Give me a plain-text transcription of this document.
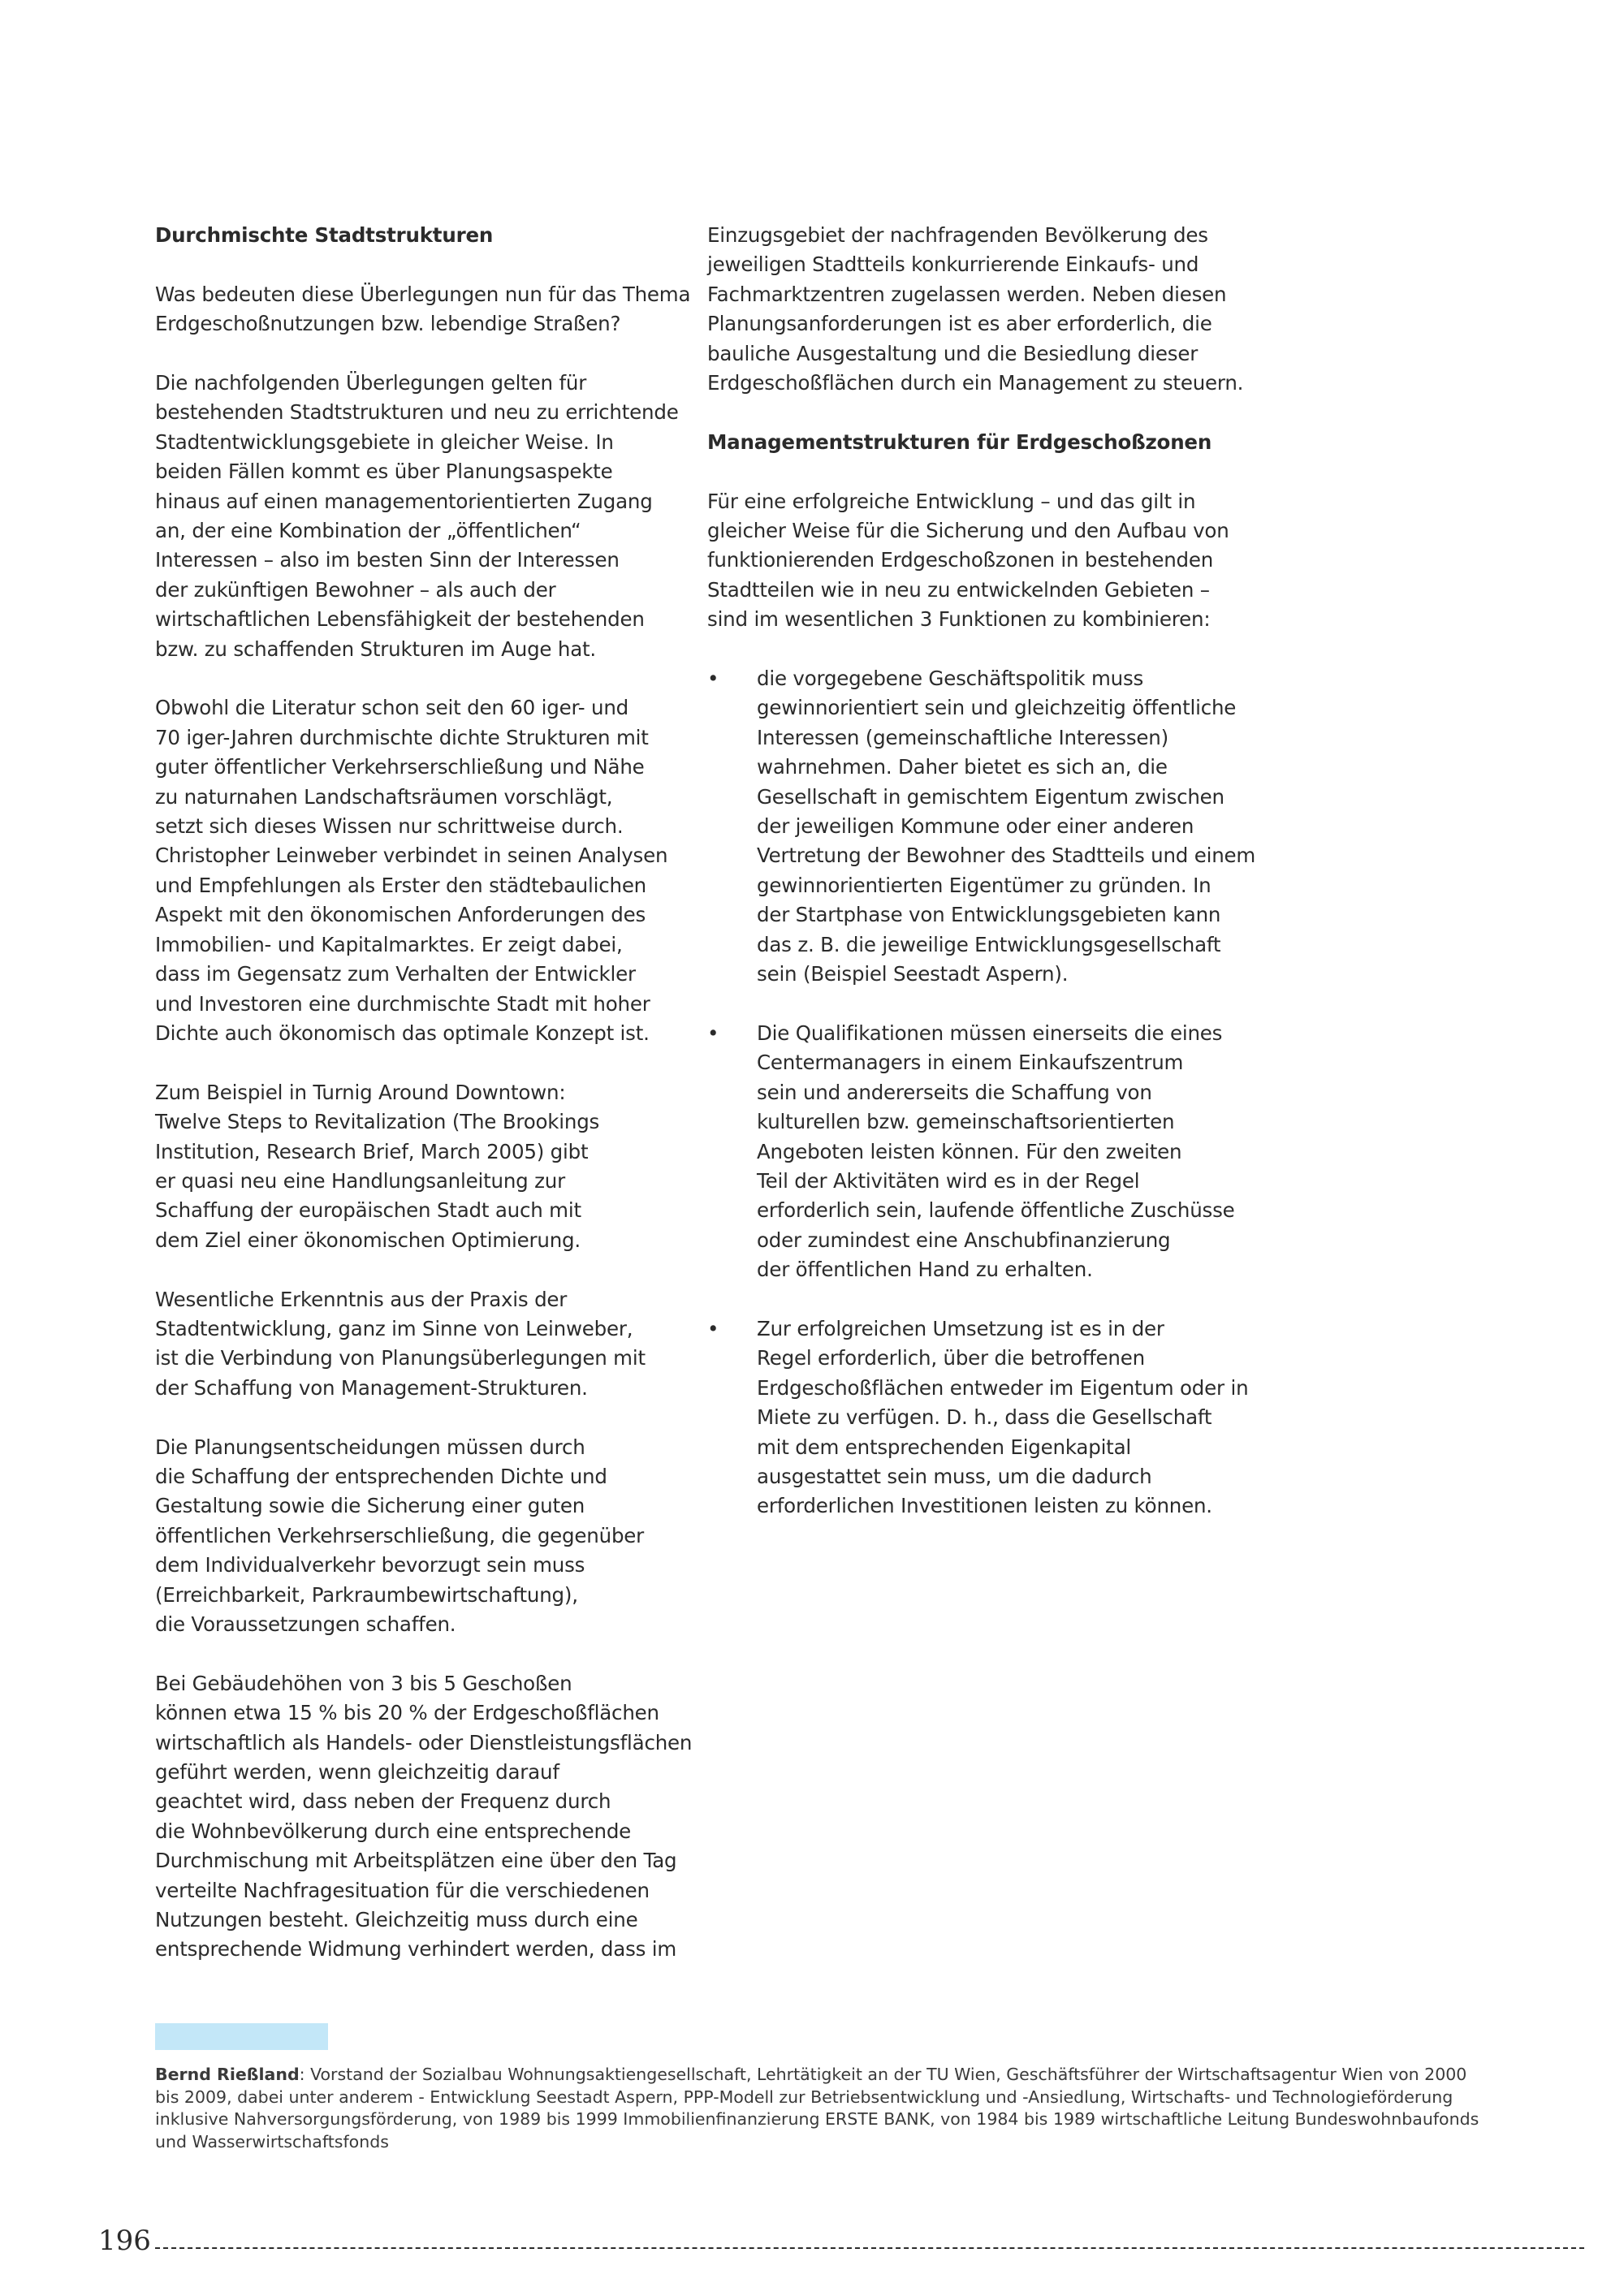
Durchmischte Stadtstrukturen

Was bedeuten diese Überlegungen nun für das Thema
Erdgeschoßnutzungen bzw. lebendige Straßen?

Die nachfolgenden Überlegungen gelten für
bestehenden Stadtstrukturen und neu zu errichtende
Stadtentwicklungsgebiete in gleicher Weise. In
beiden Fällen kommt es über Planungsaspekte
hinaus auf einen managementorientierten Zugang
an, der eine Kombination der „öffentlichen“
Interessen – also im besten Sinn der Interessen
der zukünftigen Bewohner – als auch der
wirtschaftlichen Lebensfähigkeit der bestehenden
bzw. zu schaffenden Strukturen im Auge hat.

Obwohl die Literatur schon seit den 60 iger- und
70 iger-Jahren durchmischte dichte Strukturen mit
guter öffentlicher Verkehrserschließung und Nähe
zu naturnahen Landschaftsräumen vorschlägt,
setzt sich dieses Wissen nur schrittweise durch.
Christopher Leinweber verbindet in seinen Analysen
und Empfehlungen als Erster den städtebaulichen
Aspekt mit den ökonomischen Anforderungen des
Immobilien- und Kapitalmarktes. Er zeigt dabei,
dass im Gegensatz zum Verhalten der Entwickler
und Investoren eine durchmischte Stadt mit hoher
Dichte auch ökonomisch das optimale Konzept ist.

Zum Beispiel in Turnig Around Downtown:
Twelve Steps to Revitalization (The Brookings
Institution, Research Brief, March 2005) gibt
er quasi neu eine Handlungsanleitung zur
Schaffung der europäischen Stadt auch mit
dem Ziel einer ökonomischen Optimierung.

Wesentliche Erkenntnis aus der Praxis der
Stadtentwicklung, ganz im Sinne von Leinweber,
ist die Verbindung von Planungsüberlegungen mit
der Schaffung von Management-Strukturen.

Die Planungsentscheidungen müssen durch
die Schaffung der entsprechenden Dichte und
Gestaltung sowie die Sicherung einer guten
öffentlichen Verkehrserschließung, die gegenüber
dem Individualverkehr bevorzugt sein muss
(Erreichbarkeit, Parkraumbewirtschaftung),
die Voraussetzungen schaffen.

Bei Gebäudehöhen von 3 bis 5 Geschoßen
können etwa 15 % bis 20 % der Erdgeschoßflächen
wirtschaftlich als Handels- oder Dienstleistungsflächen
geführt werden, wenn gleichzeitig darauf
geachtet wird, dass neben der Frequenz durch
die Wohnbevölkerung durch eine entsprechende
Durchmischung mit Arbeitsplätzen eine über den Tag
verteilte Nachfragesituation für die verschiedenen
Nutzungen besteht. Gleichzeitig muss durch eine
entsprechende Widmung verhindert werden, dass im

Einzugsgebiet der nachfragenden Bevölkerung des
jeweiligen Stadtteils konkurrierende Einkaufs- und
Fachmarktzentren zugelassen werden. Neben diesen
Planungsanforderungen ist es aber erforderlich, die
bauliche Ausgestaltung und die Besiedlung dieser
Erdgeschoßflächen durch ein Management zu steuern.

Managementstrukturen für Erdgeschoßzonen

Für eine erfolgreiche Entwicklung – und das gilt in
gleicher Weise für die Sicherung und den Aufbau von
funktionierenden Erdgeschoßzonen in bestehenden
Stadtteilen wie in neu zu entwickelnden Gebieten –
sind im wesentlichen 3 Funktionen zu kombinieren:

• die vorgegebene Geschäftspolitik muss
gewinnorientiert sein und gleichzeitig öffentliche
Interessen (gemeinschaftliche Interessen)
wahrnehmen. Daher bietet es sich an, die
Gesellschaft in gemischtem Eigentum zwischen
der jeweiligen Kommune oder einer anderen
Vertretung der Bewohner des Stadtteils und einem
gewinnorientierten Eigentümer zu gründen. In
der Startphase von Entwicklungsgebieten kann
das z. B. die jeweilige Entwicklungsgesellschaft
sein (Beispiel Seestadt Aspern).
• Die Qualifikationen müssen einerseits die eines
Centermanagers in einem Einkaufszentrum
sein und andererseits die Schaffung von
kulturellen bzw. gemeinschaftsorientierten
Angeboten leisten können. Für den zweiten
Teil der Aktivitäten wird es in der Regel
erforderlich sein, laufende öffentliche Zuschüsse
oder zumindest eine Anschubfinanzierung
der öffentlichen Hand zu erhalten.
• Zur erfolgreichen Umsetzung ist es in der
Regel erforderlich, über die betroffenen
Erdgeschoßflächen entweder im Eigentum oder in
Miete zu verfügen. D. h., dass die Gesellschaft
mit dem entsprechenden Eigenkapital
ausgestattet sein muss, um die dadurch
erforderlichen Investitionen leisten zu können.
Bernd Rießland: Vorstand der Sozialbau Wohnungsaktiengesellschaft, Lehrtätigkeit an der TU Wien, Geschäftsführer der Wirtschaftsagentur Wien von 2000
bis 2009, dabei unter anderem - Entwicklung Seestadt Aspern, PPP-Modell zur Betriebsentwicklung und -Ansiedlung, Wirtschafts- und Technologieförderung
inklusive Nahversorgungsförderung, von 1989 bis 1999 Immobilienfinanzierung ERSTE BANK, von 1984 bis 1989 wirtschaftliche Leitung Bundeswohnbaufonds
und Wasserwirtschaftsfonds
196
